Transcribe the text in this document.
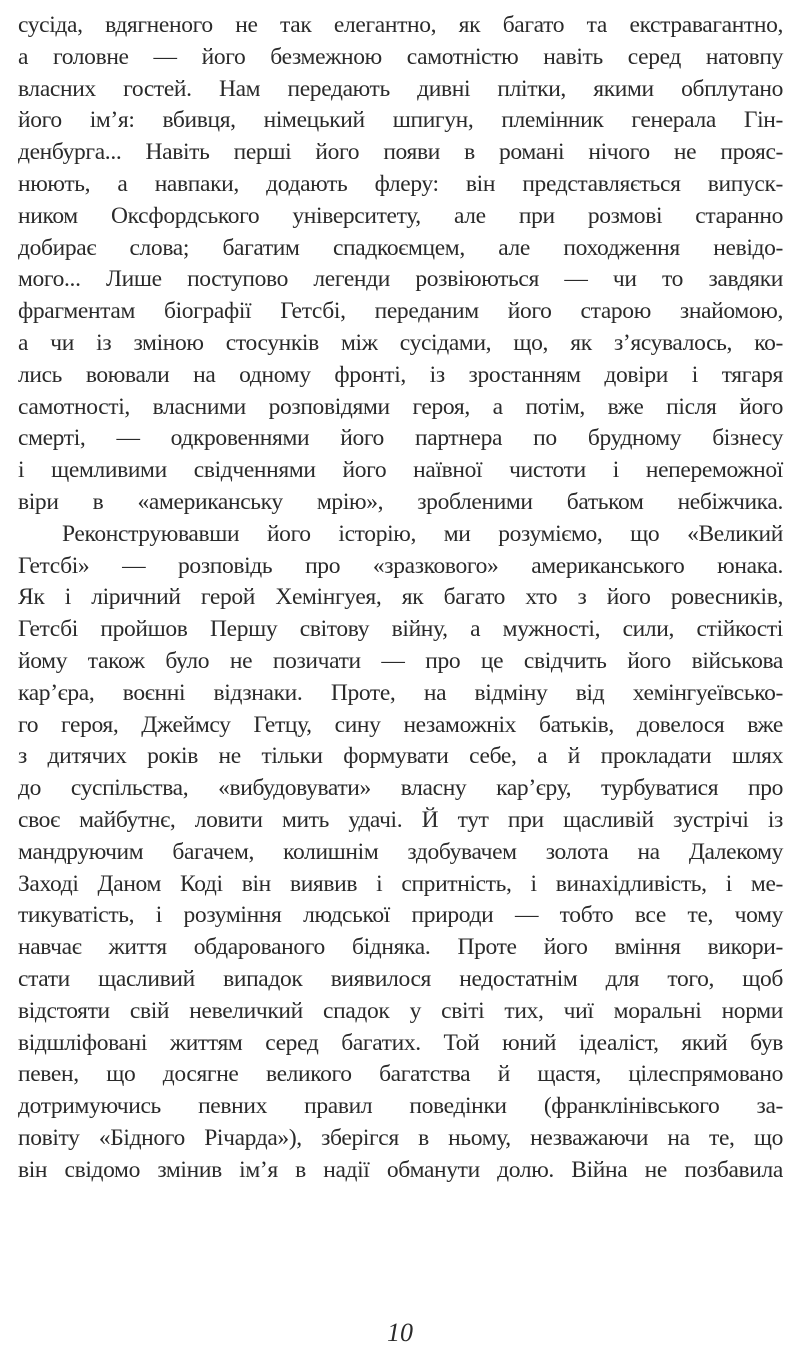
сусіда, вдягненого не так елегантно, як багато та екстравагантно,
а головне — його безмежною самотністю навіть серед натовпу
власних гостей. Нам передають дивні плітки, якими обплутано
його ім’я: вбивця, німецький шпигун, племінник генерала Гін-
денбурга... Навіть перші його появи в романі нічого не прояс-
нюють, а навпаки, додають флеру: він представляється випуск-
ником Оксфордського університету, але при розмові старанно
добирає слова; багатим спадкоємцем, але походження невідо-
мого... Лише поступово легенди розвіюються — чи то завдяки
фрагментам біографії Гетсбі, переданим його старою знайомою,
а чи із зміною стосунків між сусідами, що, як з’ясувалось, ко-
лись воювали на одному фронті, із зростанням довіри і тягаря
самотності, власними розповідями героя, а потім, вже після його
смерті, — одкровеннями його партнера по брудному бізнесу
і щемливими свідченнями його наївної чистоти і непереможної
віри в «американську мрію», зробленими батьком небіжчика.
Реконструювавши його історію, ми розуміємо, що «Великий
Гетсбі» — розповідь про «зразкового» американського юнака.
Як і ліричний герой Хемінгуея, як багато хто з його ровесників,
Гетсбі пройшов Першу світову війну, а мужності, сили, стійкості
йому також було не позичати — про це свідчить його військова
кар’єра, воєнні відзнаки. Проте, на відміну від хемінгуеївсько-
го героя, Джеймсу Гетцу, сину незаможніх батьків, довелося вже
з дитячих років не тільки формувати себе, а й прокладати шлях
до суспільства, «вибудовувати» власну кар’єру, турбуватися про
своє майбутнє, ловити мить удачі. Й тут при щасливій зустрічі із
мандруючим багачем, колишнім здобувачем золота на Далекому
Заході Даном Коді він виявив і спритність, і винахідливість, і ме-
тикуватість, і розуміння людської природи — тобто все те, чому
навчає життя обдарованого бідняка. Проте його вміння викори-
стати щасливий випадок виявилося недостатнім для того, щоб
відстояти свій невеличкий спадок у світі тих, чиї моральні норми
відшліфовані життям серед багатих. Той юний ідеаліст, який був
певен, що досягне великого багатства й щастя, цілеспрямовано
дотримуючись певних правил поведінки (франклінівського за-
повіту «Бідного Річарда»), зберігся в ньому, незважаючи на те, що
він свідомо змінив ім’я в надії обманути долю. Війна не позбавила
10
